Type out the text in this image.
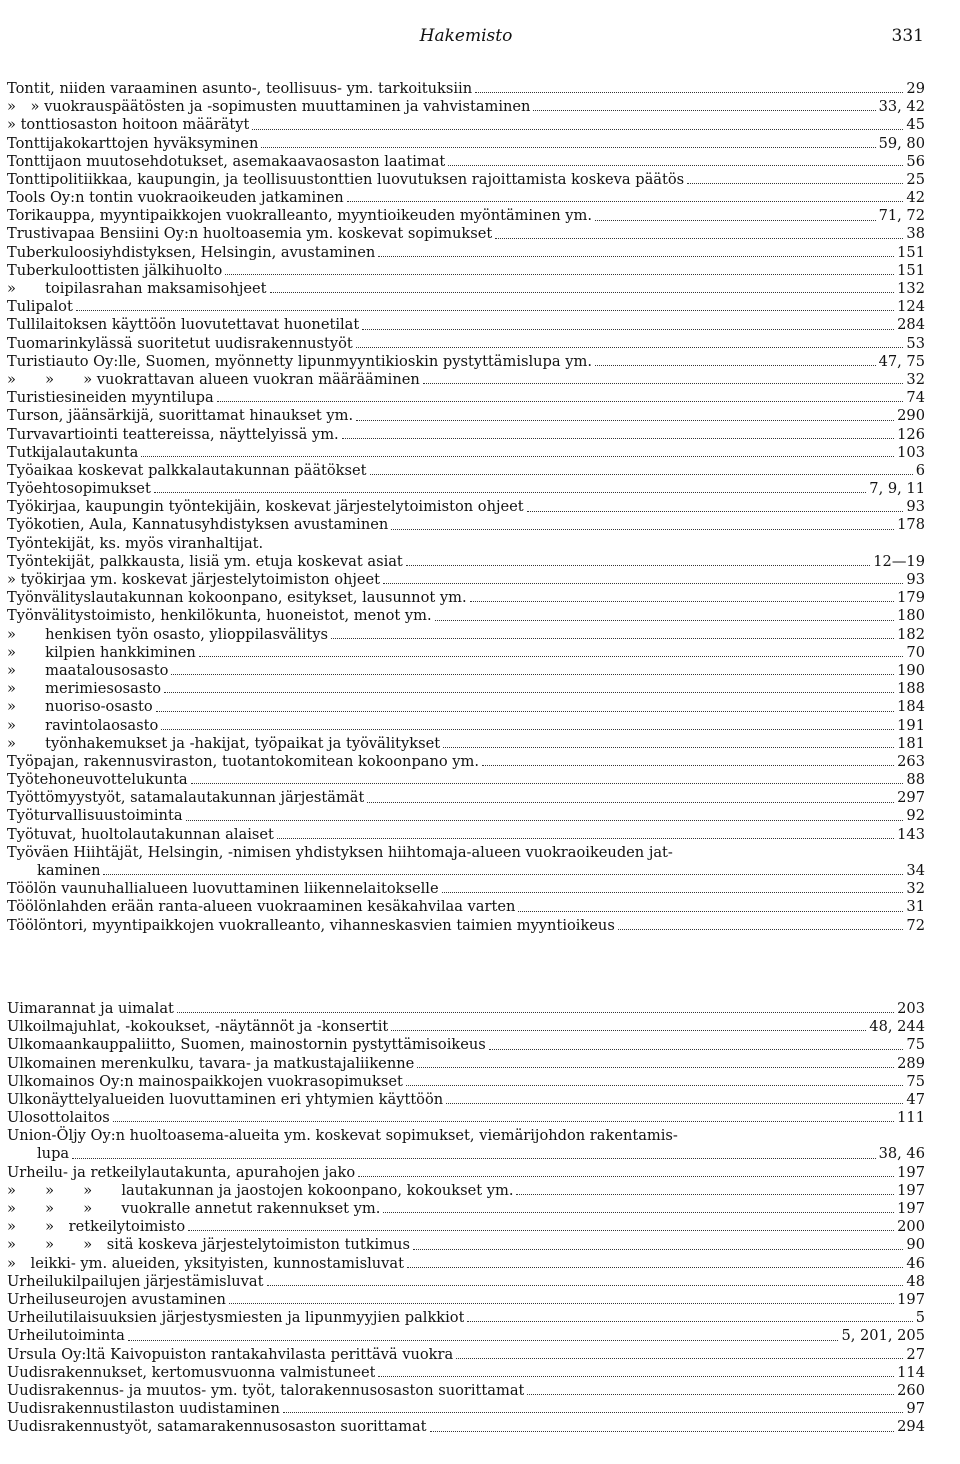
Hakemisto	331
Tontit, niiden varaaminen asunto-, teollisuus- ym. tarkoituksiin	29
» » vuokrauspäätösten ja -sopimusten muuttaminen ja vahvistaminen	33, 42
» tonttiosaston hoitoon määrätyt	45
Tonttijakokarttojen hyväksyminen	59, 80
Tonttijaon muutosehdotukset, asemakaavaosaston laatimat	56
Tonttipolitiikkaa, kaupungin, ja teollisuustonttien luovutuksen rajoittamista koskeva päätös	25
Tools Oy:n tontin vuokraoikeuden jatkaminen	42
Torikauppa, myyntipaikkojen vuokralleanto, myyntioikeuden myöntäminen ym.	71, 72
Trustivapaa Bensiini Oy:n huoltoasemia ym. koskevat sopimukset	38
Tuberkuloosiyhdistyksen, Helsingin, avustaminen	151
Tuberkuloottisten jälkihuolto	151
»  toipilasrahan maksamisohjeet	132
Tulipalot	124
Tullilaitoksen käyttöön luovutettavat huonetilat	284
Tuomarinkylässä suoritetut uudisrakennustyöt	53
Turistiauto Oy:lle, Suomen, myönnetty lipunmyyntikioskin pystyttämislupa ym.	47, 75
»  »  » vuokrattavan alueen vuokran määrääminen	32
Turistiesineiden myyntilupa	74
Turson, jäänsärkijä, suorittamat hinaukset ym.	290
Turvavartiointi teattereissa, näyttelyissä ym.	126
Tutkijalautakunta	103
Työaikaa koskevat palkkalautakunnan päätökset	6
Työehtosopimukset	7, 9, 11
Työkirjaa, kaupungin työntekijäin, koskevat järjestelytoimiston ohjeet	93
Työkotien, Aula, Kannatusyhdistyksen avustaminen	178
Työntekijät, ks. myös viranhaltijat.
Työntekijät, palkkausta, lisiä ym. etuja koskevat asiat	12—19
» työkirjaa ym. koskevat järjestelytoimiston ohjeet	93
Työnvälityslautakunnan kokoonpano, esitykset, lausunnot ym.	179
Työnvälitystoimisto, henkilökunta, huoneistot, menot ym.	180
»  henkisen työn osasto, ylioppilasvälitys	182
»  kilpien hankkiminen	70
»  maatalousosasto	190
»  merimiesosasto	188
»  nuoriso-osasto	184
»  ravintolaosasto	191
»  työnhakemukset ja -hakijat, työpaikat ja työvälitykset	181
Työpajan, rakennusviraston, tuotantokomitean kokoonpano ym.	263
Työtehoneuvottelukunta	88
Työttömyystyöt, satamalautakunnan järjestämät	297
Työturvallisuustoiminta	92
Työtuvat, huoltolautakunnan alaiset	143
Työväen Hiihtäjät, Helsingin, -nimisen yhdistyksen hiihtomaja-alueen vuokraoikeuden jat-
kaminen	34
Töölön vaunuhallialueen luovuttaminen liikennelaitokselle	32
Töölönlahden erään ranta-alueen vuokraaminen kesäkahvilaa varten	31
Töölöntori, myyntipaikkojen vuokralleanto, vihanneskasvien taimien myyntioikeus	72
Uimarannat ja uimalat	203
Ulkoilmajuhlat, -kokoukset, -näytännöt ja -konsertit	48, 244
Ulkomaankauppaliitto, Suomen, mainostornin pystyttämisoikeus	75
Ulkomainen merenkulku, tavara- ja matkustajaliikenne	289
Ulkomainos Oy:n mainospaikkojen vuokrasopimukset	75
Ulkonäyttelyalueiden luovuttaminen eri yhtymien käyttöön	47
Ulosottolaitos	111
Union-Öljy Oy:n huoltoasema-alueita ym. koskevat sopimukset, viemärijohdon rakentamis-
lupa	38, 46
Urheilu- ja retkeilylautakunta, apurahojen jako	197
»  »  »  lautakunnan ja jaostojen kokoonpano, kokoukset ym.	197
»  »  »  vuokralle annetut rakennukset ym.	197
»  » retkeilytoimisto	200
»  »  » sitä koskeva järjestelytoimiston tutkimus	90
» leikki- ym. alueiden, yksityisten, kunnostamisluvat	46
Urheilukilpailujen järjestämisluvat	48
Urheiluseurojen avustaminen	197
Urheilutilaisuuksien järjestysmiesten ja lipunmyyjien palkkiot	5
Urheilutoiminta	5, 201, 205
Ursula Oy:ltä Kaivopuiston rantakahvilasta perittävä vuokra	27
Uudisrakennukset, kertomusvuonna valmistuneet	114
Uudisrakennus- ja muutos- ym. työt, talorakennusosaston suorittamat	260
Uudisrakennustilaston uudistaminen	97
Uudisrakennustyöt, satamarakennusosaston suorittamat	294
